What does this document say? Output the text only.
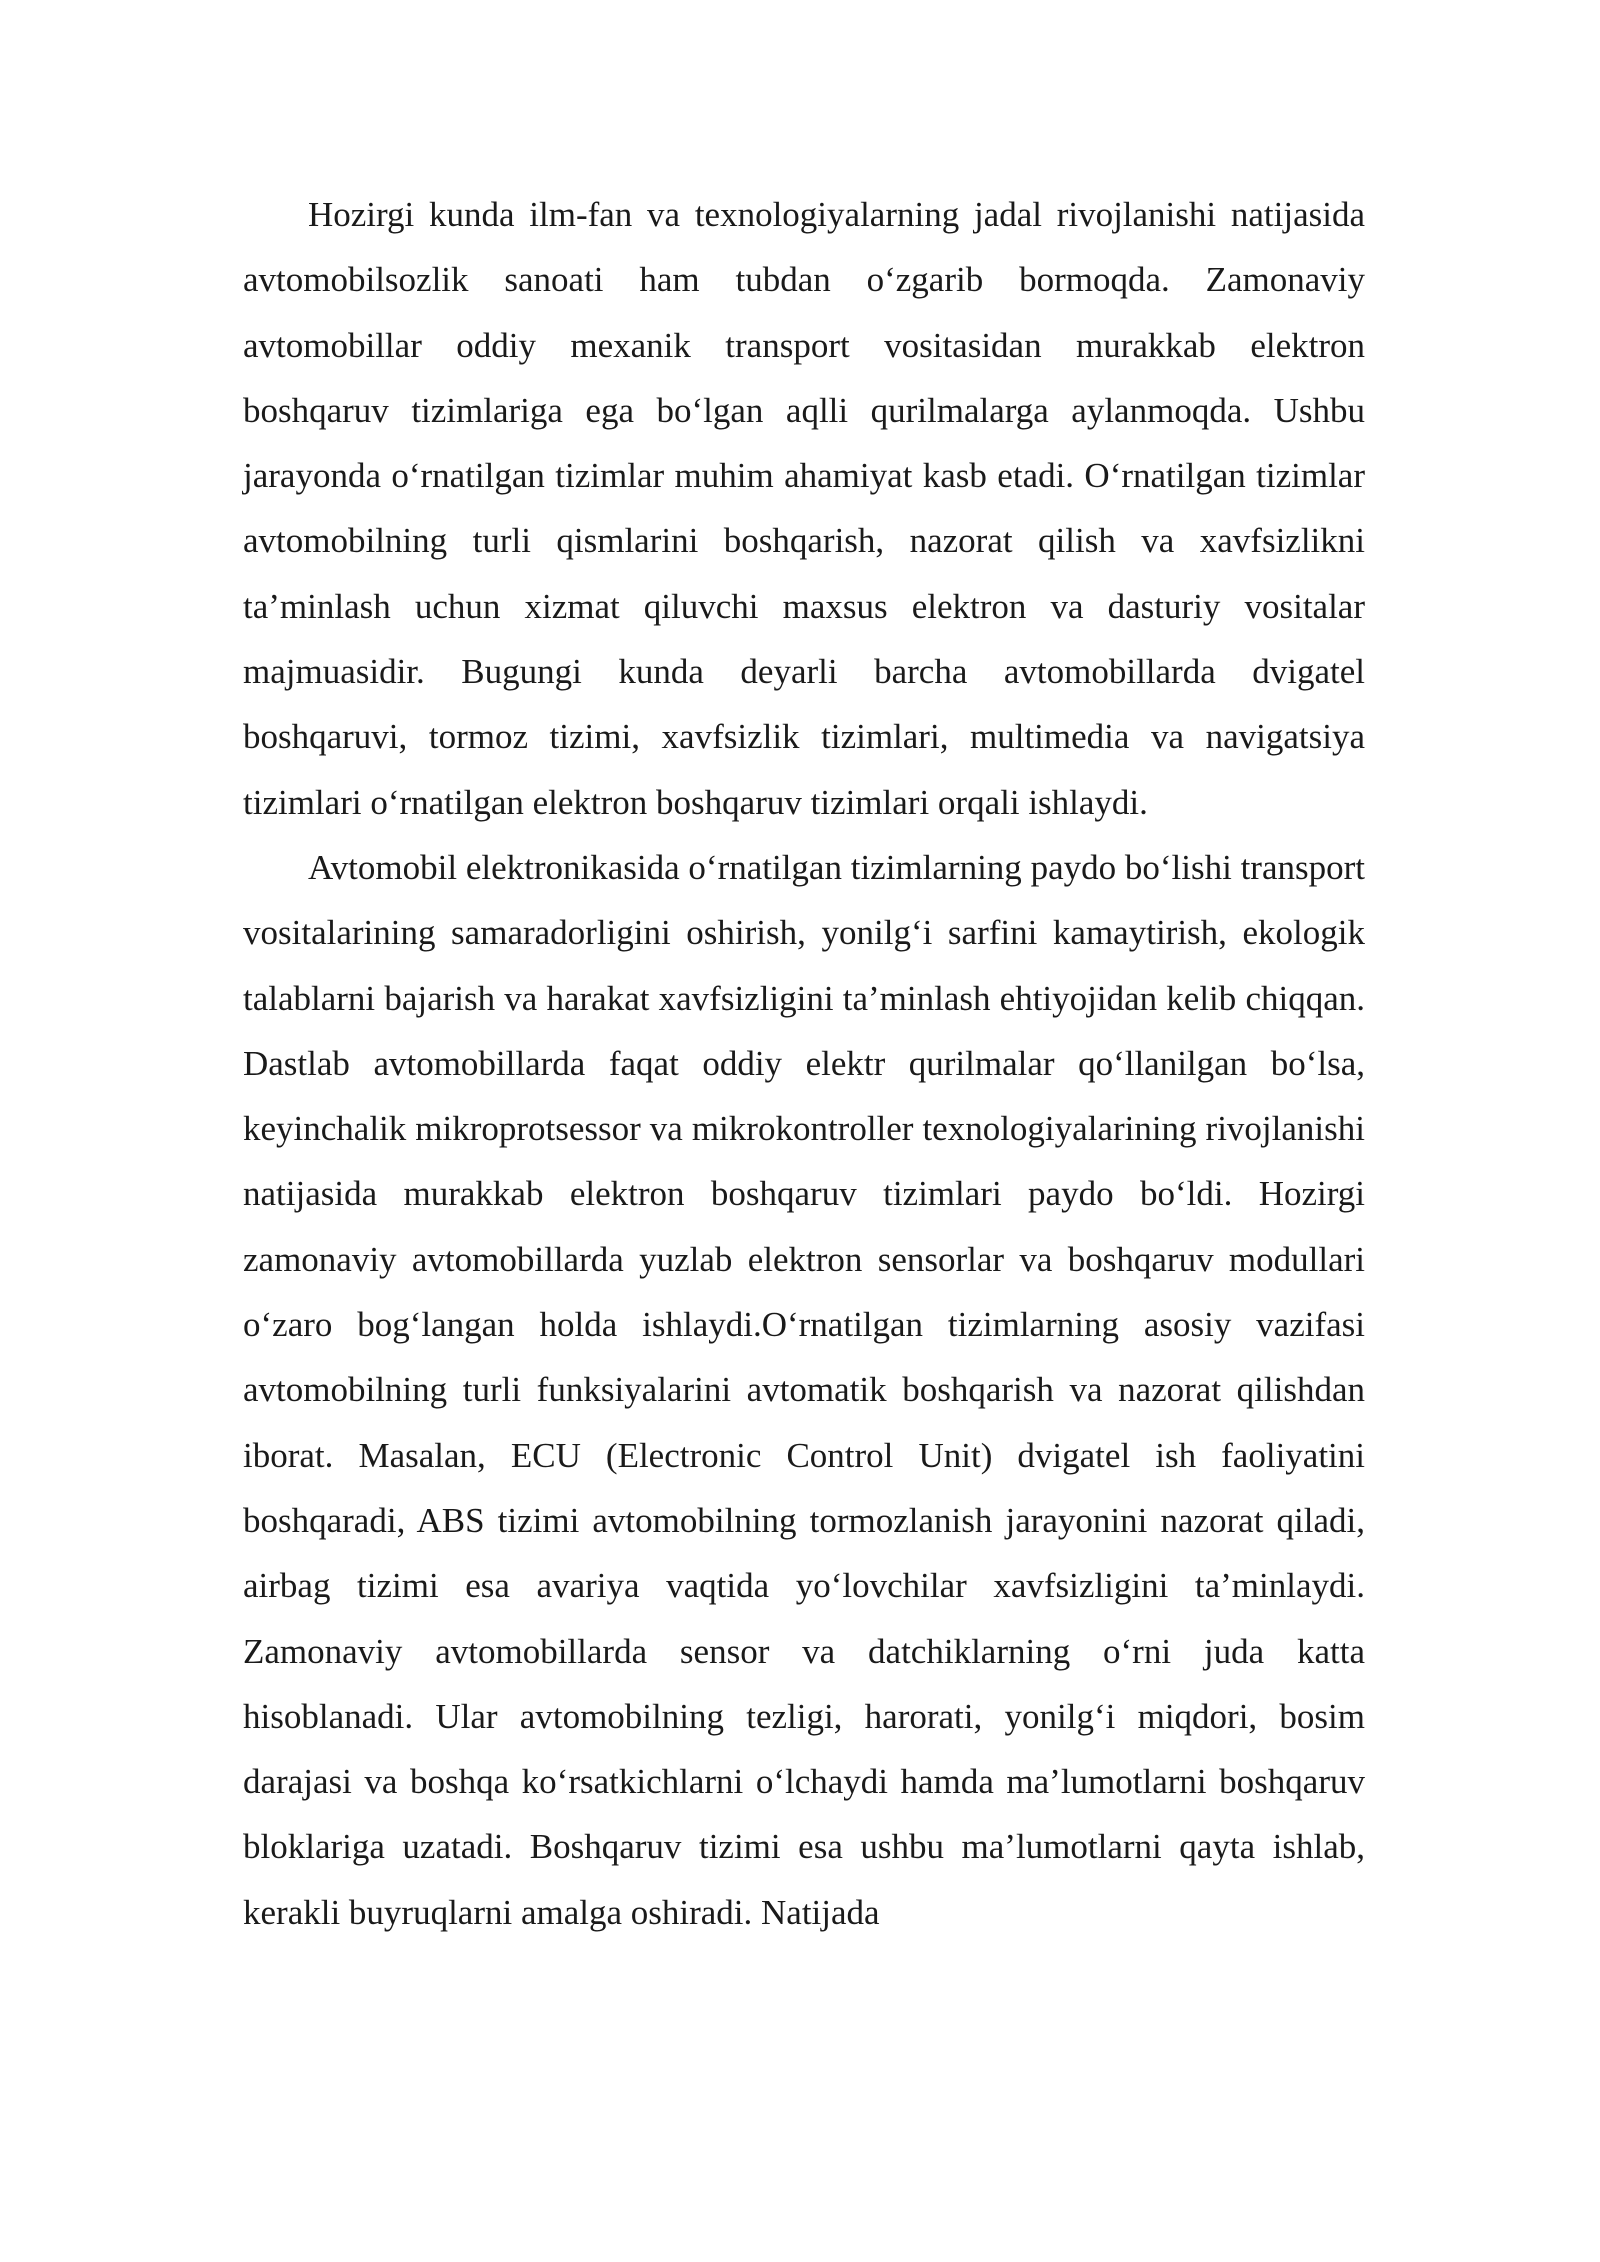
Hozirgi kunda ilm-fan va texnologiyalarning jadal rivojlanishi natijasida avtomobilsozlik sanoati ham tubdan o‘zgarib bormoqda. Zamonaviy avtomobillar oddiy mexanik transport vositasidan murakkab elektron boshqaruv tizimlariga ega bo‘lgan aqlli qurilmalarga aylanmoqda. Ushbu jarayonda o‘rnatilgan tizimlar muhim ahamiyat kasb etadi. O‘rnatilgan tizimlar avtomobilning turli qismlarini boshqarish, nazorat qilish va xavfsizlikni ta’minlash uchun xizmat qiluvchi maxsus elektron va dasturiy vositalar majmuasidir. Bugungi kunda deyarli barcha avtomobillarda dvigatel boshqaruvi, tormoz tizimi, xavfsizlik tizimlari, multimedia va navigatsiya tizimlari o‘rnatilgan elektron boshqaruv tizimlari orqali ishlaydi.

Avtomobil elektronikasida o‘rnatilgan tizimlarning paydo bo‘lishi transport vositalarining samaradorligini oshirish, yonilg‘i sarfini kamaytirish, ekologik talablarni bajarish va harakat xavfsizligini ta’minlash ehtiyojidan kelib chiqqan. Dastlab avtomobillarda faqat oddiy elektr qurilmalar qo‘llanilgan bo‘lsa, keyinchalik mikroprotsessor va mikrokontroller texnologiyalarining rivojlanishi natijasida murakkab elektron boshqaruv tizimlari paydo bo‘ldi. Hozirgi zamonaviy avtomobillarda yuzlab elektron sensorlar va boshqaruv modullari o‘zaro bog‘langan holda ishlaydi.O‘rnatilgan tizimlarning asosiy vazifasi avtomobilning turli funksiyalarini avtomatik boshqarish va nazorat qilishdan iborat. Masalan, ECU (Electronic Control Unit) dvigatel ish faoliyatini boshqaradi, ABS tizimi avtomobilning tormozlanish jarayonini nazorat qiladi, airbag tizimi esa avariya vaqtida yo‘lovchilar xavfsizligini ta’minlaydi. Zamonaviy avtomobillarda sensor va datchiklarning o‘rni juda katta hisoblanadi. Ular avtomobilning tezligi, harorati, yonilg‘i miqdori, bosim darajasi va boshqa ko‘rsatkichlarni o‘lchaydi hamda ma’lumotlarni boshqaruv bloklariga uzatadi. Boshqaruv tizimi esa ushbu ma’lumotlarni qayta ishlab, kerakli buyruqlarni amalga oshiradi. Natijada
